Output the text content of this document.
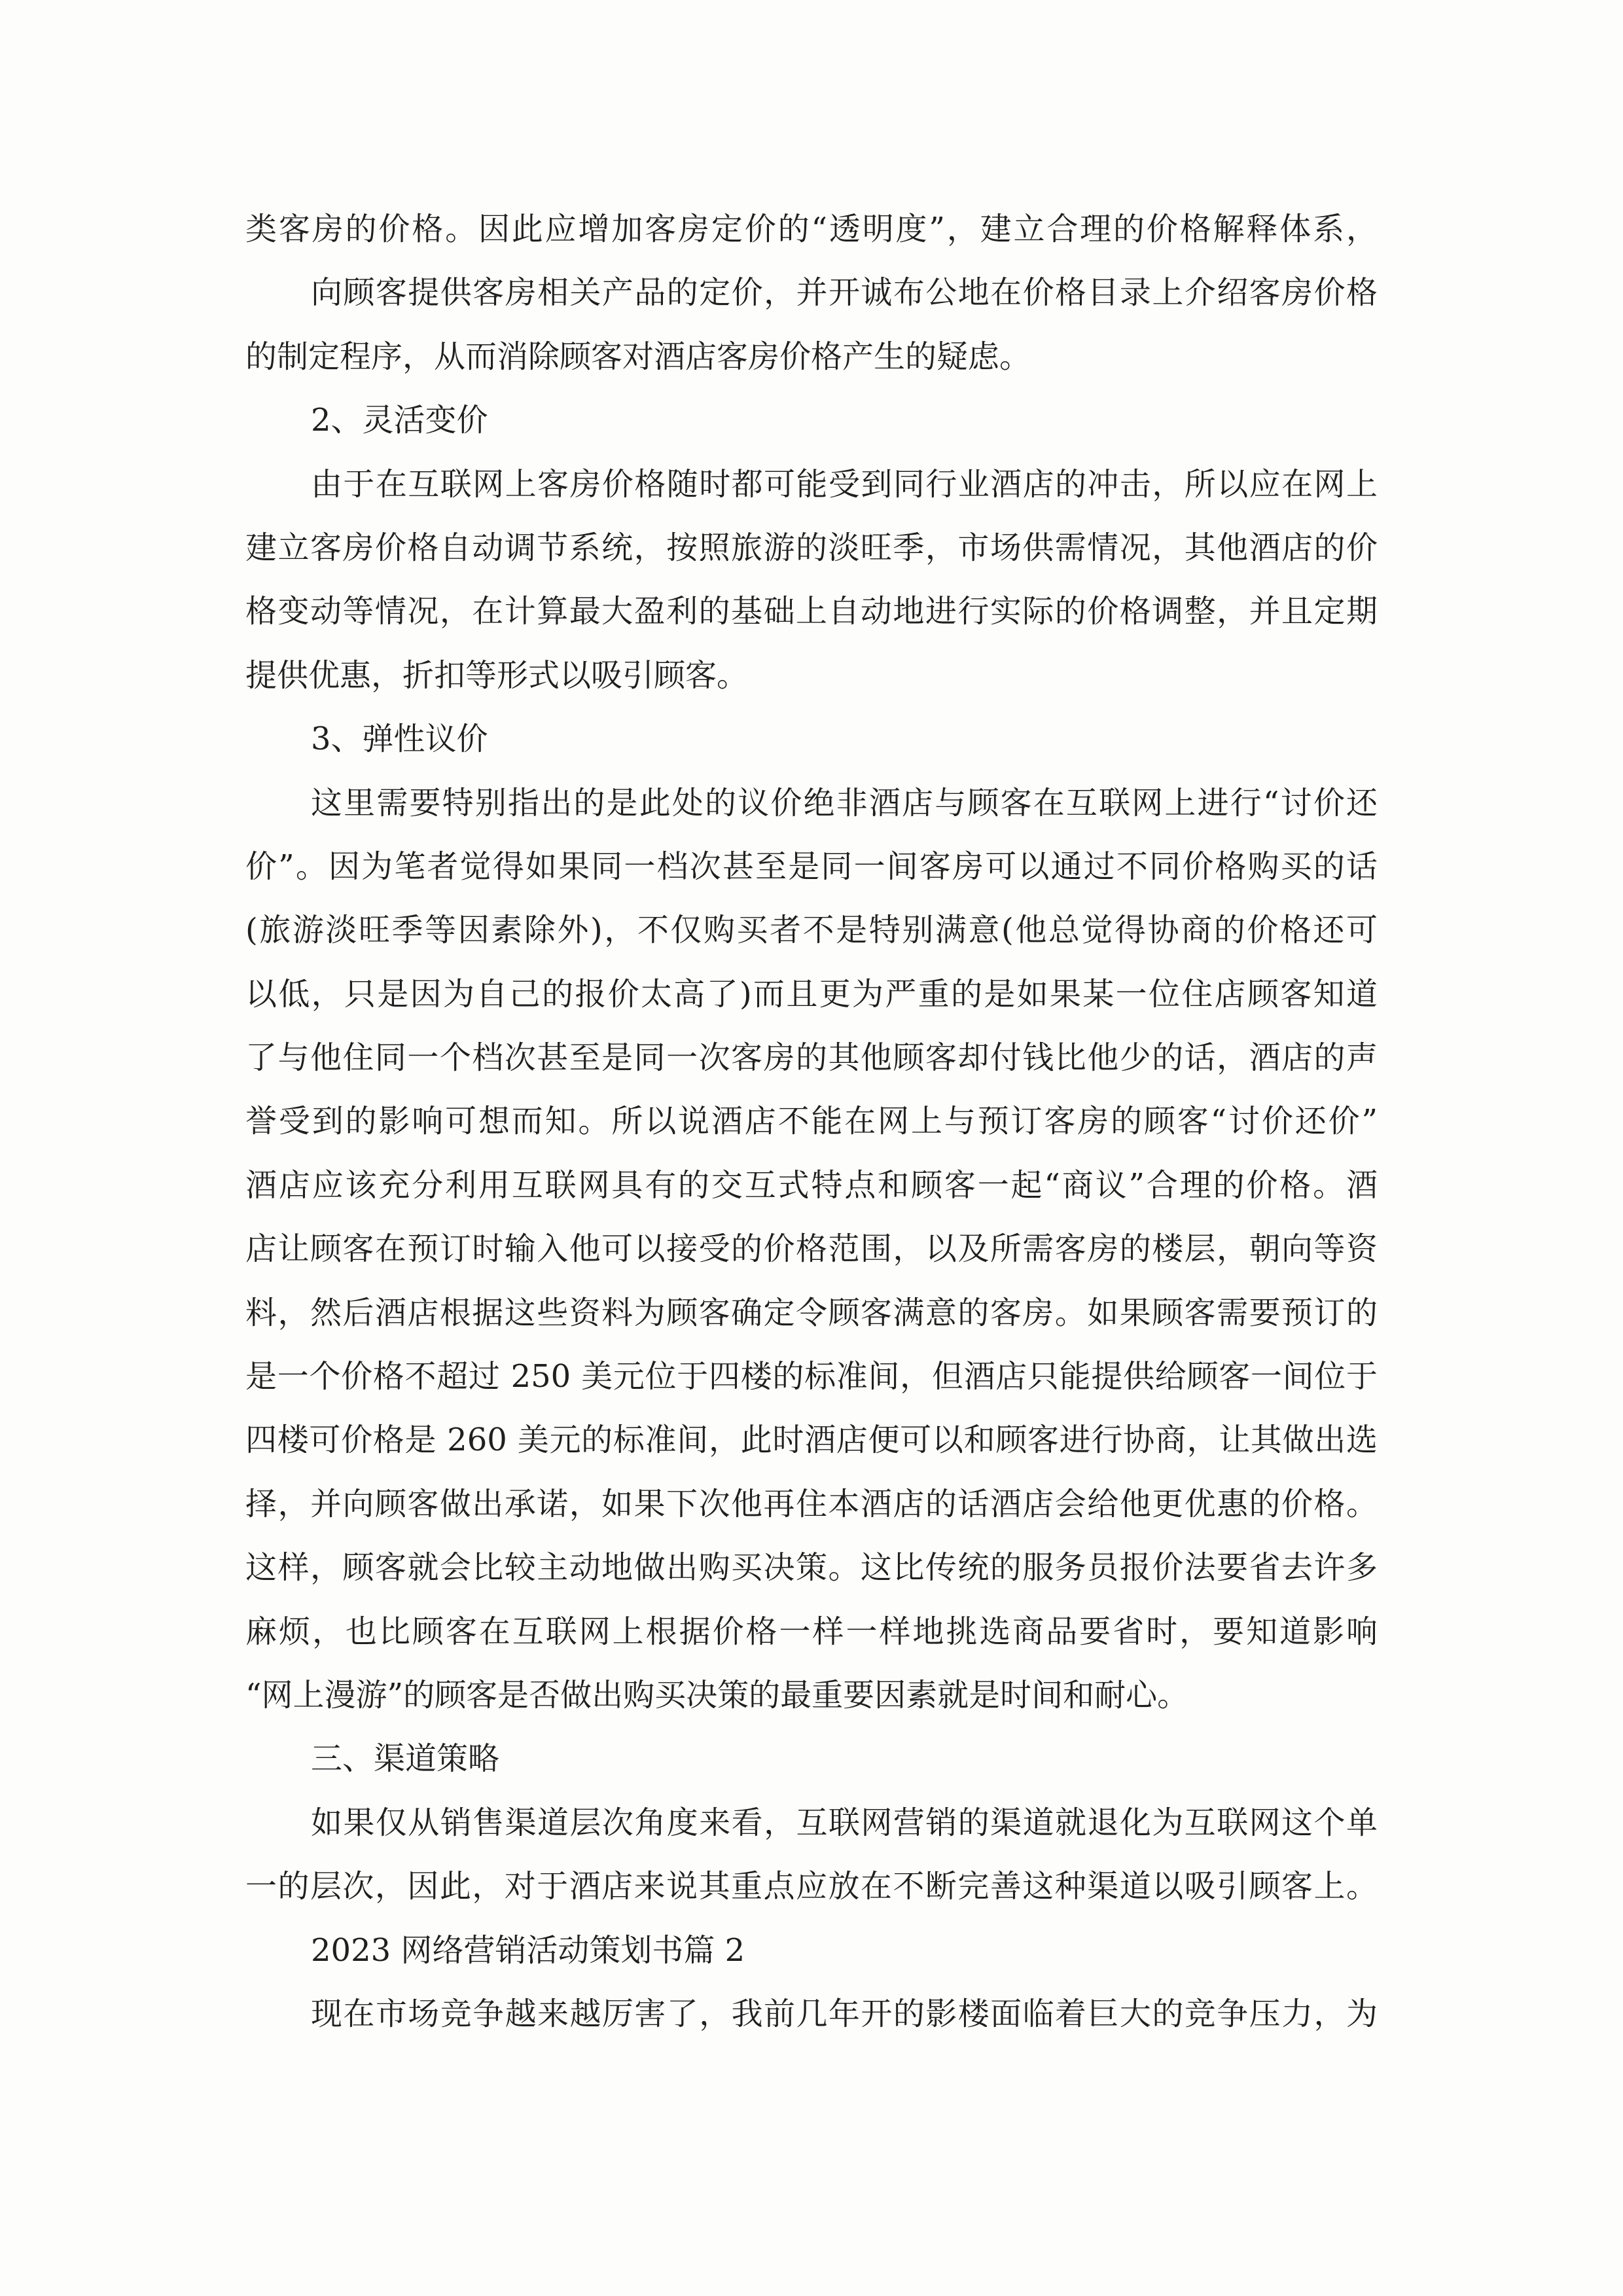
类客房的价格。因此应增加客房定价的“透明度”，建立合理的价格解释体系，
向顾客提供客房相关产品的定价，并开诚布公地在价格目录上介绍客房价格
的制定程序，从而消除顾客对酒店客房价格产生的疑虑。
2、灵活变价
由于在互联网上客房价格随时都可能受到同行业酒店的冲击，所以应在网上
建立客房价格自动调节系统，按照旅游的淡旺季，市场供需情况，其他酒店的价
格变动等情况，在计算最大盈利的基础上自动地进行实际的价格调整，并且定期
提供优惠，折扣等形式以吸引顾客。
3、弹性议价
这里需要特别指出的是此处的议价绝非酒店与顾客在互联网上进行“讨价还
价”。因为笔者觉得如果同一档次甚至是同一间客房可以通过不同价格购买的话
(旅游淡旺季等因素除外)，不仅购买者不是特别满意(他总觉得协商的价格还可
以低，只是因为自己的报价太高了)而且更为严重的是如果某一位住店顾客知道
了与他住同一个档次甚至是同一次客房的其他顾客却付钱比他少的话，酒店的声
誉受到的影响可想而知。所以说酒店不能在网上与预订客房的顾客“讨价还价”
酒店应该充分利用互联网具有的交互式特点和顾客一起“商议”合理的价格。酒
店让顾客在预订时输入他可以接受的价格范围，以及所需客房的楼层，朝向等资
料，然后酒店根据这些资料为顾客确定令顾客满意的客房。如果顾客需要预订的
是一个价格不超过 250 美元位于四楼的标准间，但酒店只能提供给顾客一间位于
四楼可价格是 260 美元的标准间，此时酒店便可以和顾客进行协商，让其做出选
择，并向顾客做出承诺，如果下次他再住本酒店的话酒店会给他更优惠的价格。
这样，顾客就会比较主动地做出购买决策。这比传统的服务员报价法要省去许多
麻烦，也比顾客在互联网上根据价格一样一样地挑选商品要省时，要知道影响
“网上漫游”的顾客是否做出购买决策的最重要因素就是时间和耐心。
三、渠道策略
如果仅从销售渠道层次角度来看，互联网营销的渠道就退化为互联网这个单
一的层次，因此，对于酒店来说其重点应放在不断完善这种渠道以吸引顾客上。
2023 网络营销活动策划书篇 2
现在市场竞争越来越厉害了，我前几年开的影楼面临着巨大的竞争压力，为
